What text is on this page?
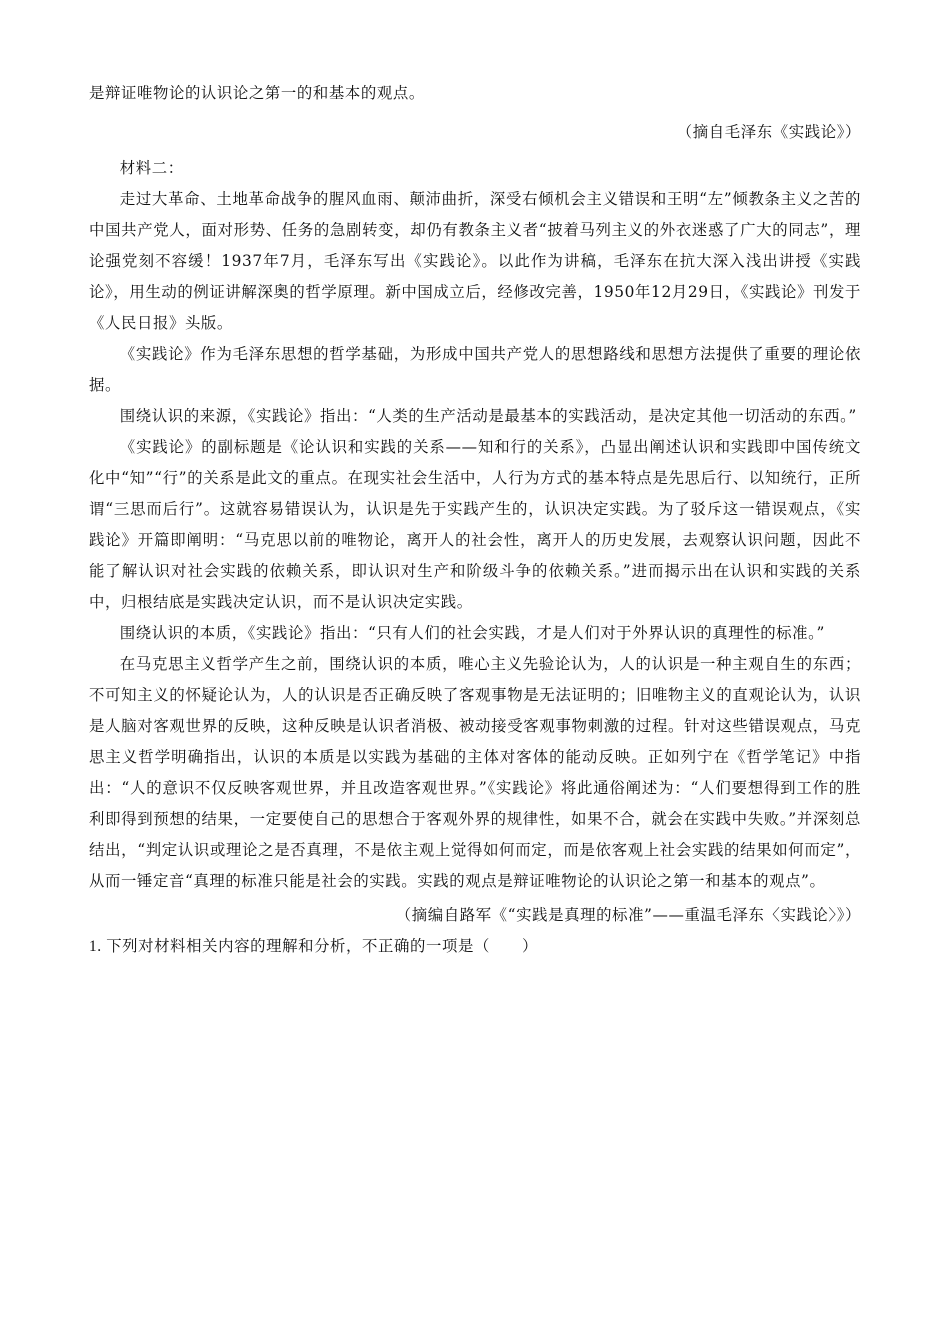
是辩证唯物论的认识论之第一的和基本的观点。

（摘自毛泽东《实践论》）

材料二：

走过大革命、土地革命战争的腥风血雨、颠沛曲折，深受右倾机会主义错误和王明“左”倾教条主义之苦的中国共产党人，面对形势、任务的急剧转变，却仍有教条主义者“披着马列主义的外衣迷惑了广大的同志”，理论强党刻不容缓！1937年7月，毛泽东写出《实践论》。以此作为讲稿，毛泽东在抗大深入浅出讲授《实践论》，用生动的例证讲解深奥的哲学原理。新中国成立后，经修改完善，1950年12月29日，《实践论》刊发于《人民日报》头版。

《实践论》作为毛泽东思想的哲学基础，为形成中国共产党人的思想路线和思想方法提供了重要的理论依据。

围绕认识的来源，《实践论》指出：“人类的生产活动是最基本的实践活动，是决定其他一切活动的东西。”

《实践论》的副标题是《论认识和实践的关系——知和行的关系》，凸显出阐述认识和实践即中国传统文化中“知”“行”的关系是此文的重点。在现实社会生活中，人行为方式的基本特点是先思后行、以知统行，正所谓“三思而后行”。这就容易错误认为，认识是先于实践产生的，认识决定实践。为了驳斥这一错误观点，《实践论》开篇即阐明：“马克思以前的唯物论，离开人的社会性，离开人的历史发展，去观察认识问题，因此不能了解认识对社会实践的依赖关系，即认识对生产和阶级斗争的依赖关系。”进而揭示出在认识和实践的关系中，归根结底是实践决定认识，而不是认识决定实践。

围绕认识的本质，《实践论》指出：“只有人们的社会实践，才是人们对于外界认识的真理性的标准。”

在马克思主义哲学产生之前，围绕认识的本质，唯心主义先验论认为，人的认识是一种主观自生的东西；不可知主义的怀疑论认为，人的认识是否正确反映了客观事物是无法证明的；旧唯物主义的直观论认为，认识是人脑对客观世界的反映，这种反映是认识者消极、被动接受客观事物刺激的过程。针对这些错误观点，马克思主义哲学明确指出，认识的本质是以实践为基础的主体对客体的能动反映。正如列宁在《哲学笔记》中指出：“人的意识不仅反映客观世界，并且改造客观世界。”《实践论》将此通俗阐述为：“人们要想得到工作的胜利即得到预想的结果，一定要使自己的思想合于客观外界的规律性，如果不合，就会在实践中失败。”并深刻总结出，“判定认识或理论之是否真理，不是依主观上觉得如何而定，而是依客观上社会实践的结果如何而定”，从而一锤定音“真理的标准只能是社会的实践。实践的观点是辩证唯物论的认识论之第一和基本的观点”。

（摘编自路军《“实践是真理的标准”——重温毛泽东〈实践论〉》）

1. 下列对材料相关内容的理解和分析，不正确的一项是（　　）
